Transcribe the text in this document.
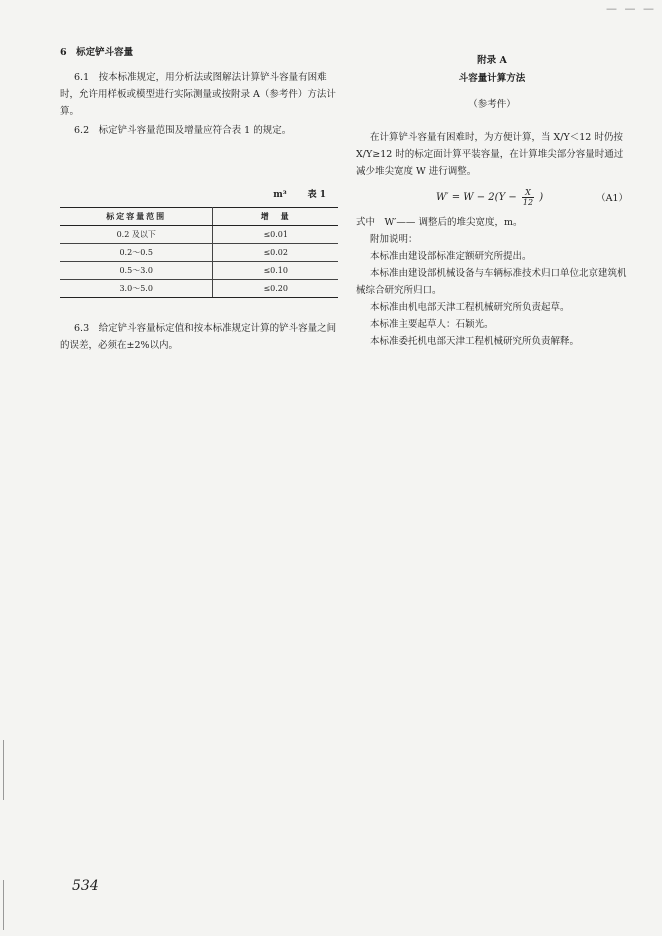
— — —
6　标定铲斗容量

6.1　按本标准规定，用分析法或图解法计算铲斗容量有困难时，允许用样板或模型进行实际测量或按附录 A（参考件）方法计算。

6.2　标定铲斗容量范围及增量应符合表 1 的规定。

m³ 表 1
标定容量范围	增　量
0.2 及以下	≤0.01
0.2～0.5	≤0.02
0.5～3.0	≤0.10
3.0～5.0	≤0.20

6.3　给定铲斗容量标定值和按本标准规定计算的铲斗容量之间的误差，必须在±2%以内。

附录 A
斗容量计算方法
（参考件）

在计算铲斗容量有困难时，为方便计算，当 X/Y＜12 时仍按 X/Y≥12 时的标定面计算平装容量，在计算堆尖部分容量时通过减少堆尖宽度 W 进行调整。

$W' = W - 2(Y - \frac{X}{12}$ )	（A1）
式中　W′—— 调整后的堆尖宽度，m。

附加说明：

本标准由建设部标准定额研究所提出。

本标准由建设部机械设备与车辆标准技术归口单位北京建筑机械综合研究所归口。

本标准由机电部天津工程机械研究所负责起草。

本标准主要起草人：石颖光。

本标准委托机电部天津工程机械研究所负责解释。

534
